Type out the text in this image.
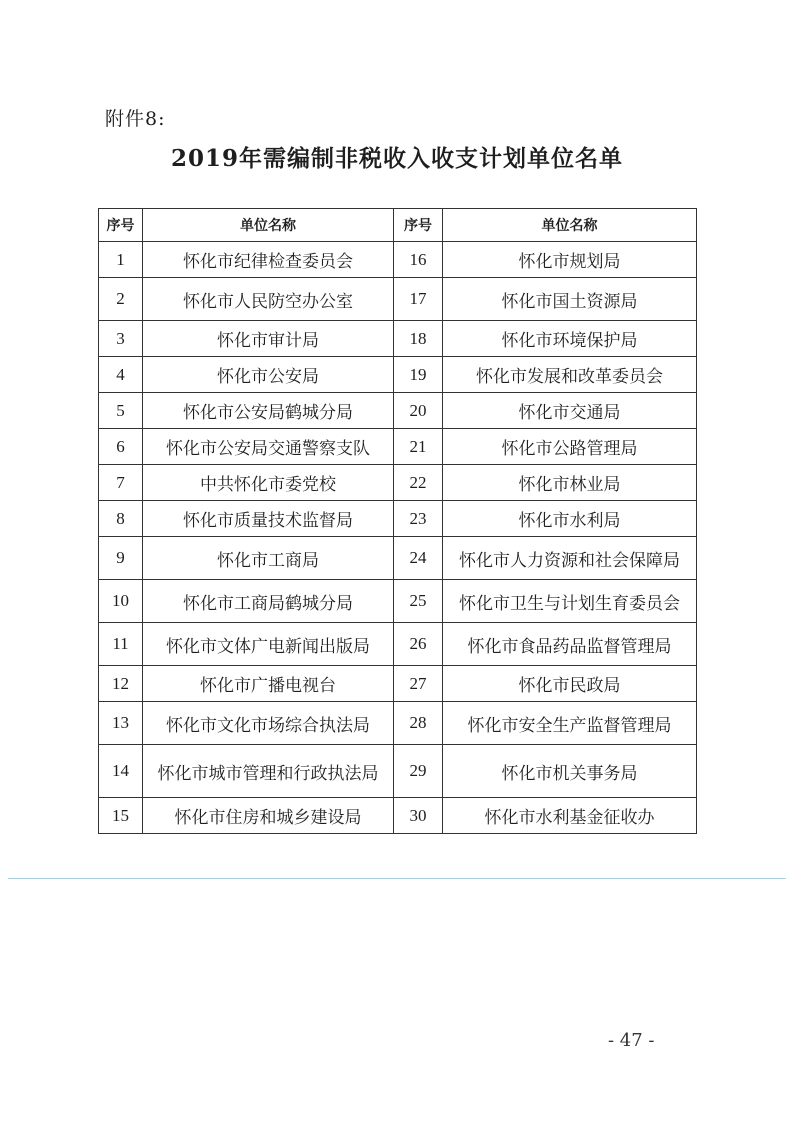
附件8:
2019年需编制非税收入收支计划单位名单
序号	单位名称	序号	单位名称
1	怀化市纪律检查委员会	16	怀化市规划局
2	怀化市人民防空办公室	17	怀化市国土资源局
3	怀化市审计局	18	怀化市环境保护局
4	怀化市公安局	19	怀化市发展和改革委员会
5	怀化市公安局鹤城分局	20	怀化市交通局
6	怀化市公安局交通警察支队	21	怀化市公路管理局
7	中共怀化市委党校	22	怀化市林业局
8	怀化市质量技术监督局	23	怀化市水利局
9	怀化市工商局	24	怀化市人力资源和社会保障局
10	怀化市工商局鹤城分局	25	怀化市卫生与计划生育委员会
11	怀化市文体广电新闻出版局	26	怀化市食品药品监督管理局
12	怀化市广播电视台	27	怀化市民政局
13	怀化市文化市场综合执法局	28	怀化市安全生产监督管理局
14	怀化市城市管理和行政执法局	29	怀化市机关事务局
15	怀化市住房和城乡建设局	30	怀化市水利基金征收办
- 47 -
